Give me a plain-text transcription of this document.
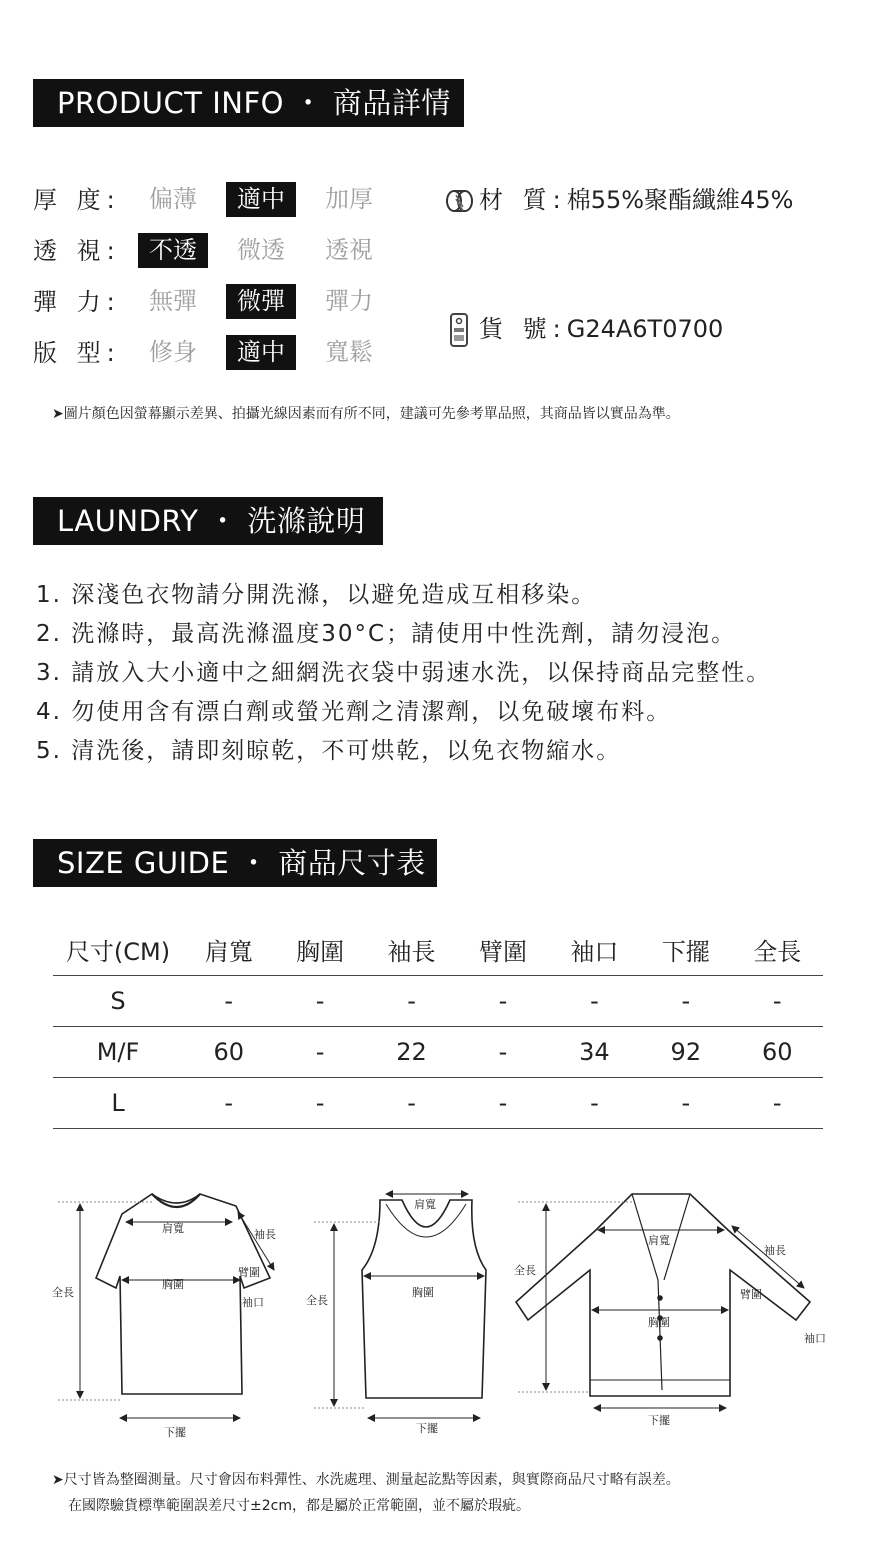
PRODUCT INFO ・ 商品詳情
厚 度:	偏薄	適中	加厚
透 視:	不透	微透	透視
彈 力:	無彈	微彈	彈力
版 型:	修身	適中	寬鬆
材 質:棉55%聚酯纖維45%
貨 號:G24A6T0700
➤圖片顏色因螢幕顯示差異、拍攝光線因素而有所不同，建議可先參考單品照，其商品皆以實品為準。
LAUNDRY ・ 洗滌說明
1. 深淺色衣物請分開洗滌，以避免造成互相移染。
2. 洗滌時，最高洗滌溫度30°C；請使用中性洗劑，請勿浸泡。
3. 請放入大小適中之細網洗衣袋中弱速水洗，以保持商品完整性。
4. 勿使用含有漂白劑或螢光劑之清潔劑，以免破壞布料。
5. 清洗後，請即刻晾乾，不可烘乾，以免衣物縮水。
SIZE GUIDE ・ 商品尺寸表
尺寸(CM)	肩寬	胸圍	袖長	臂圍	袖口	下擺	全長
S	-	-	-	-	-	-	-
M/F	60	-	22	-	34	92	60
L	-	-	-	-	-	-	-
肩寬
胸圍
袖長
臂圍
袖口
全長
下擺
肩寬
胸圍
全長
下擺
肩寬
胸圍
袖長
臂圍
袖口
全長
下擺
➤尺寸皆為整圈測量。尺寸會因布料彈性、水洗處理、測量起訖點等因素，與實際商品尺寸略有誤差。
在國際驗貨標準範圍誤差尺寸±2cm，都是屬於正常範圍，並不屬於瑕疵。
